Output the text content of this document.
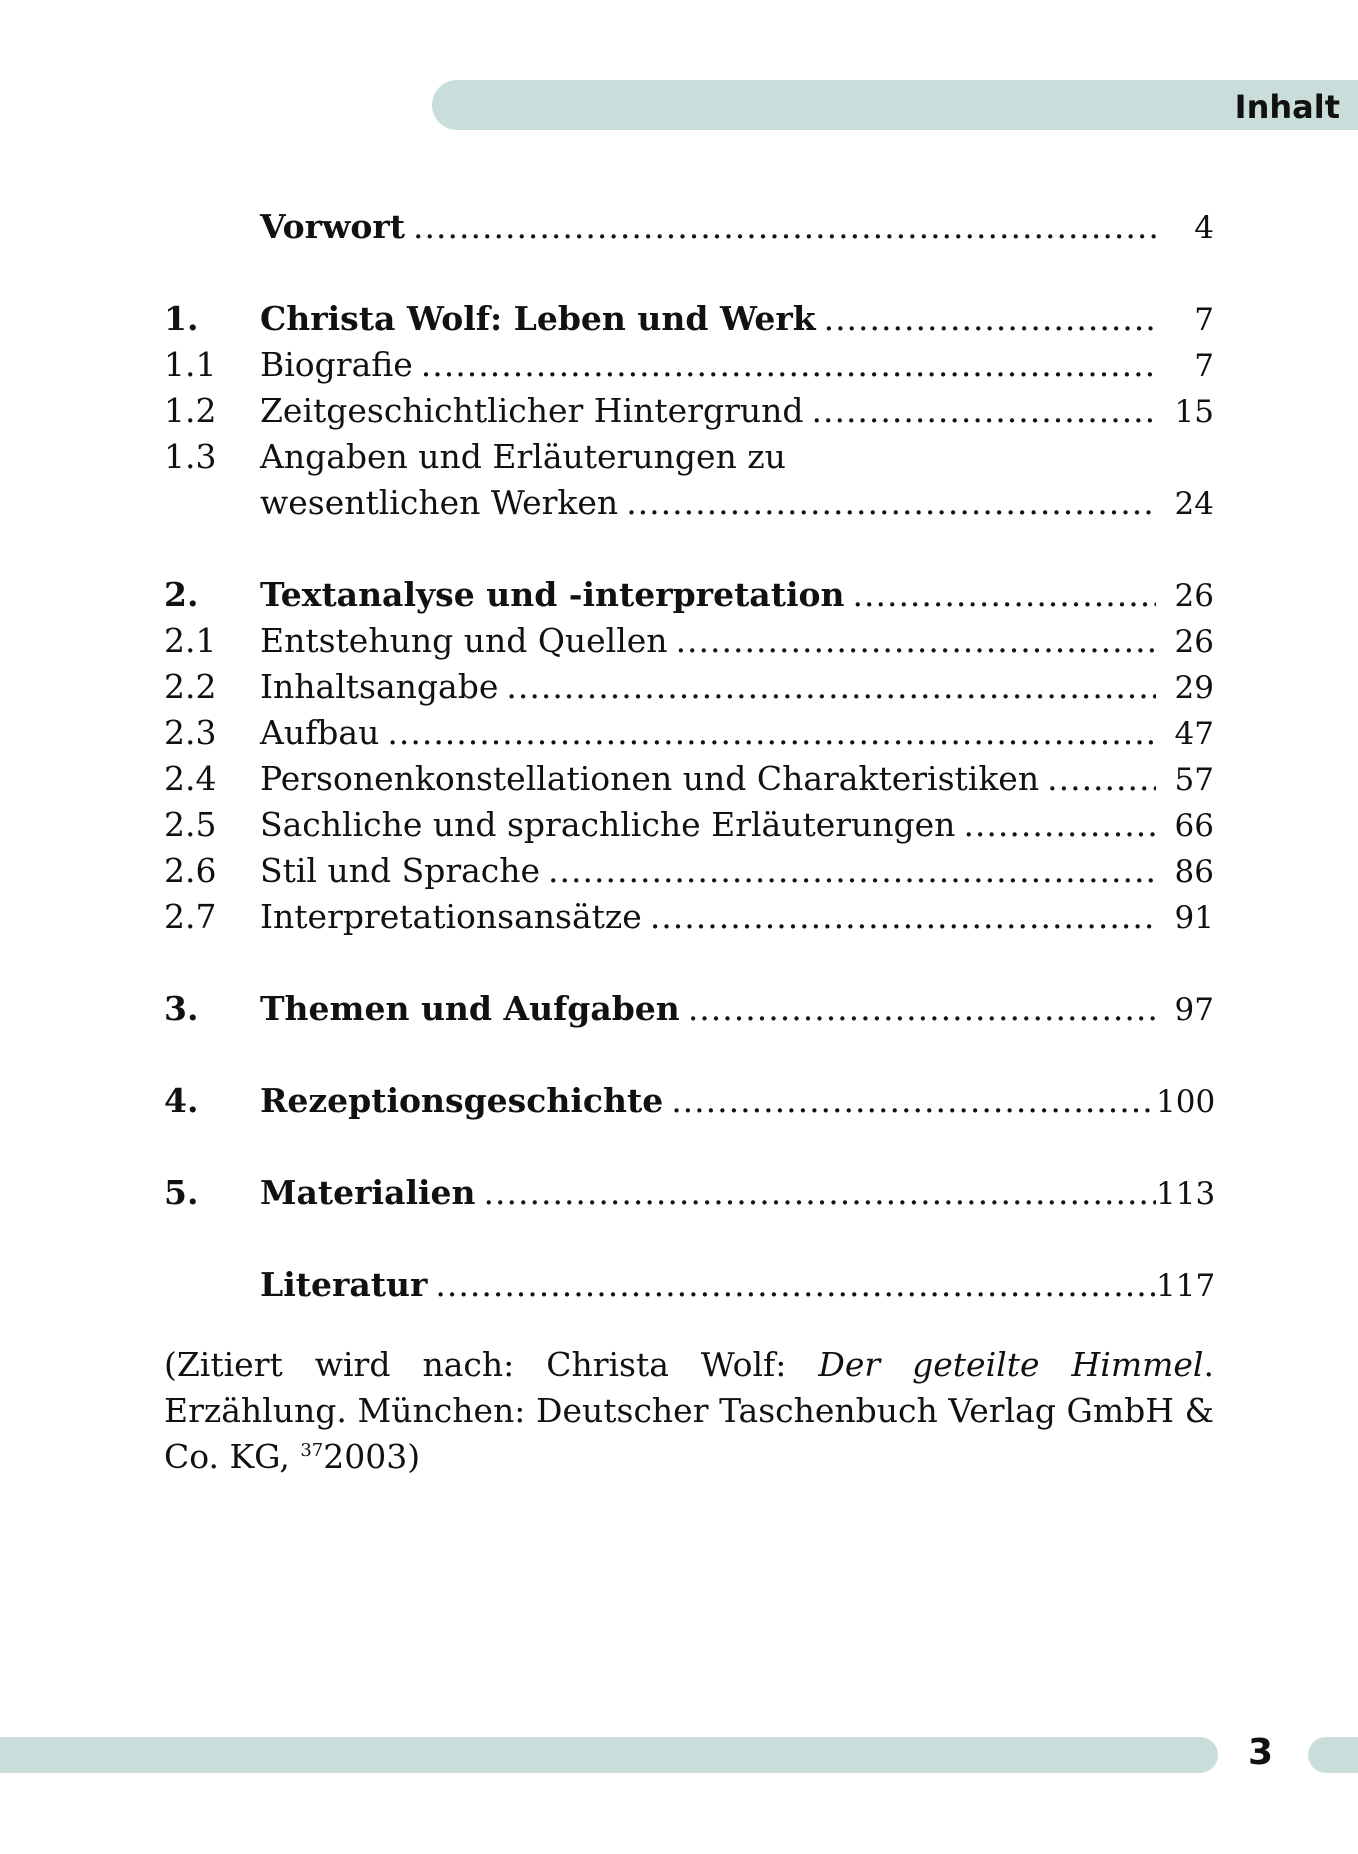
Inhalt
Vorwort .....	4
1.	Christa Wolf: Leben und Werk .....	7
1.1	Biografie .....	7
1.2	Zeitgeschichtlicher Hintergrund .....	15
1.3	Angaben und Erläuterungen zu
wesentlichen Werken .....	24
2.	Textanalyse und -interpretation .....	26
2.1	Entstehung und Quellen .....	26
2.2	Inhaltsangabe .....	29
2.3	Aufbau .....	47
2.4	Personenkonstellationen und Charakteristiken .....	57
2.5	Sachliche und sprachliche Erläuterungen .....	66
2.6	Stil und Sprache .....	86
2.7	Interpretationsansätze .....	91
3.	Themen und Aufgaben .....	97
4.	Rezeptionsgeschichte .....	100
5.	Materialien .....	113
Literatur .....	117
(Zitiert wird nach: Christa Wolf: Der geteilte Himmel. Erzählung. München: Deutscher Taschenbuch Verlag GmbH & Co. KG, $^{37}$2003)
3
